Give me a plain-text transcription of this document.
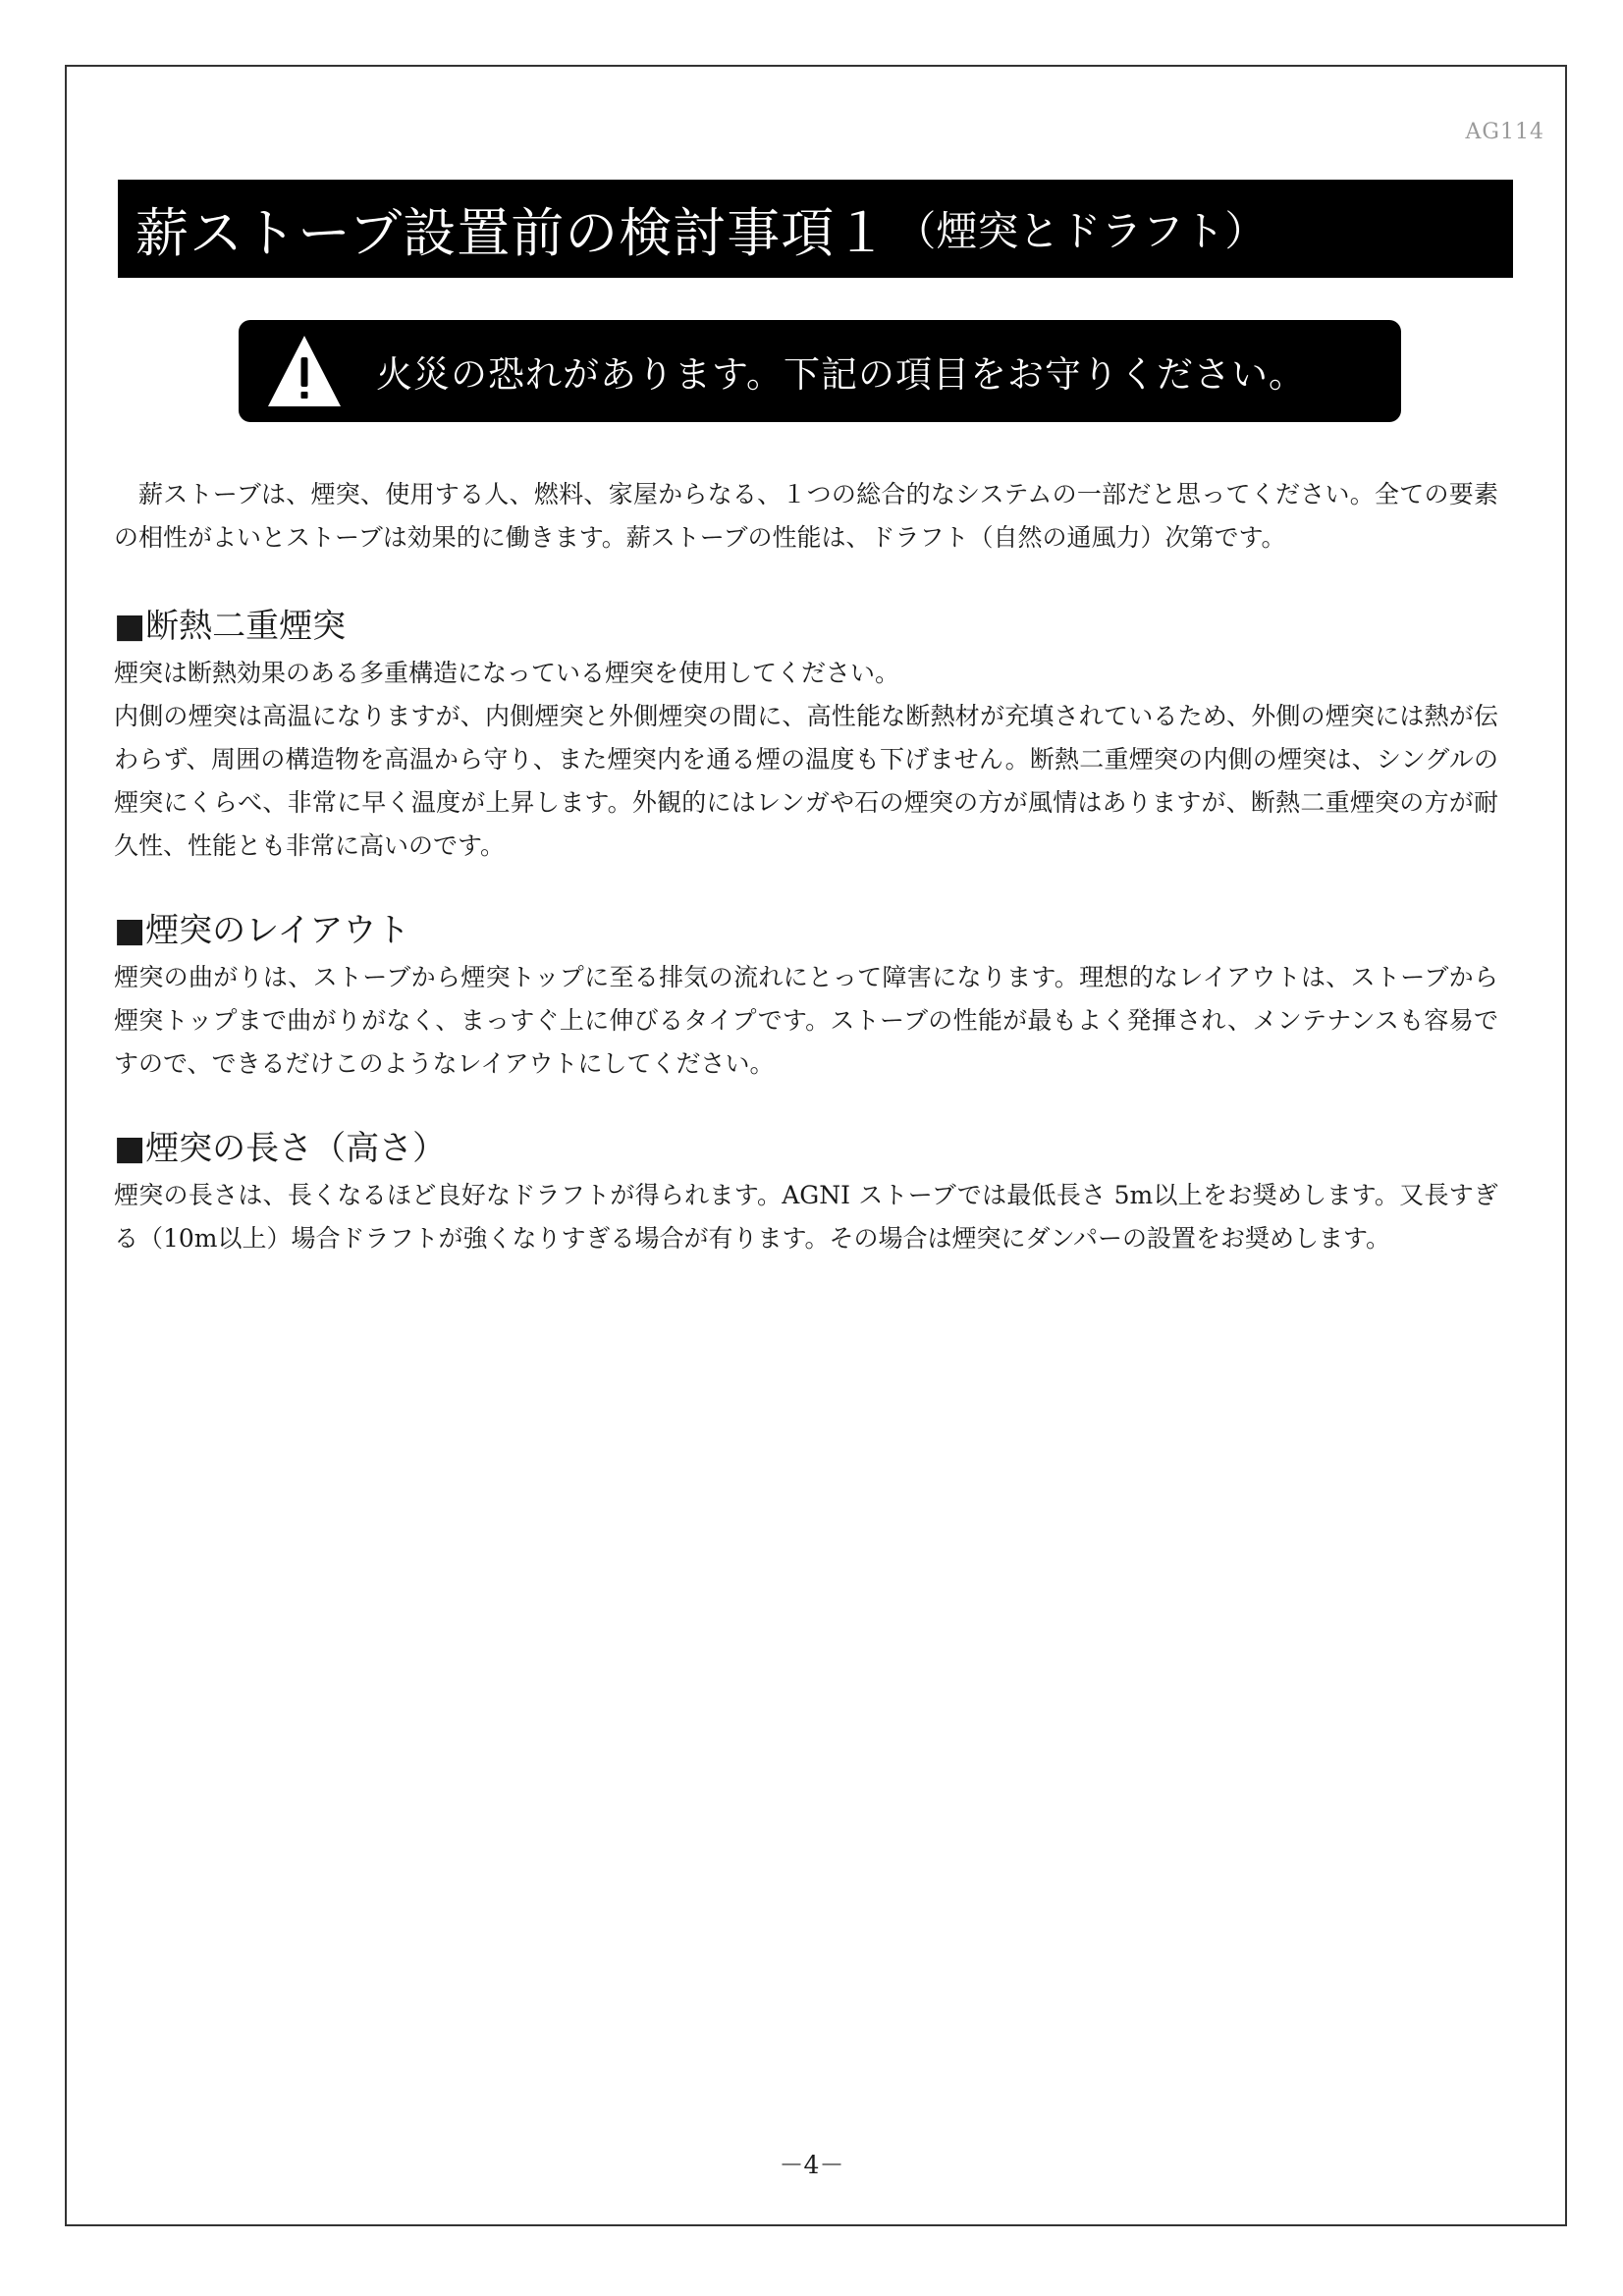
AG114
薪ストーブ設置前の検討事項１ （煙突とドラフト）
火災の恐れがあります。下記の項目をお守りください。

薪ストーブは、煙突、使用する人、燃料、家屋からなる、１つの総合的なシステムの一部だと思ってください。全ての要素の相性がよいとストーブは効果的に働きます。薪ストーブの性能は、ドラフト（自然の通風力）次第です。

■断熱二重煙突

煙突は断熱効果のある多重構造になっている煙突を使用してください。

内側の煙突は高温になりますが、内側煙突と外側煙突の間に、高性能な断熱材が充填されているため、外側の煙突には熱が伝わらず、周囲の構造物を高温から守り、また煙突内を通る煙の温度も下げません。断熱二重煙突の内側の煙突は、シングルの煙突にくらべ、非常に早く温度が上昇します。外観的にはレンガや石の煙突の方が風情はありますが、断熱二重煙突の方が耐久性、性能とも非常に高いのです。

■煙突のレイアウト

煙突の曲がりは、ストーブから煙突トップに至る排気の流れにとって障害になります。理想的なレイアウトは、ストーブから煙突トップまで曲がりがなく、まっすぐ上に伸びるタイプです。ストーブの性能が最もよく発揮され、メンテナンスも容易ですので、できるだけこのようなレイアウトにしてください。

■煙突の長さ（高さ）

煙突の長さは、長くなるほど良好なドラフトが得られます。AGNI ストーブでは最低長さ 5m以上をお奨めします。又長すぎる（10m以上）場合ドラフトが強くなりすぎる場合が有ります。その場合は煙突にダンパーの設置をお奨めします。

－4－
